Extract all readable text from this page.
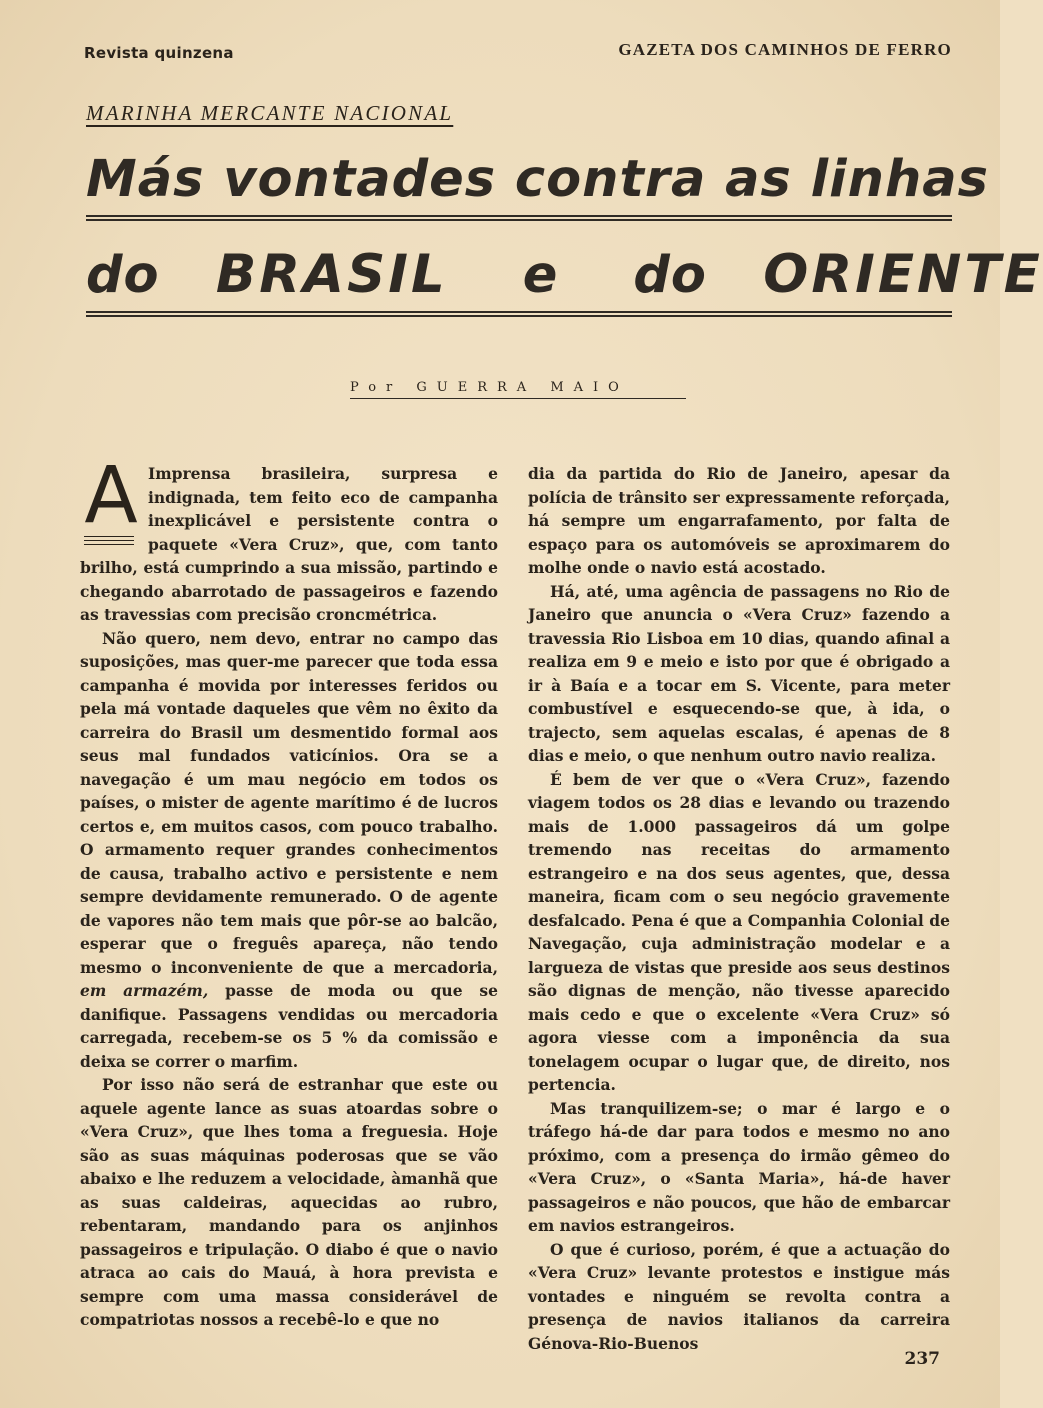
Revista quinzena	GAZETA DOS CAMINHOS DE FERRO
MARINHA MERCANTE NACIONAL
Más vontades contra as linhas
do BRASIL e do ORIENTE
Por GUERRA MAIO

A Imprensa brasileira, surpresa e indignada, tem feito eco de campanha inexplicável e persistente contra o paquete «Vera Cruz», que, com tanto brilho, está cumprindo a sua missão, partindo e chegando abarrotado de passageiros e fazendo as travessias com precisão croncmétrica.

Não quero, nem devo, entrar no campo das suposições, mas quer-me parecer que toda essa campanha é movida por interesses feridos ou pela má vontade daqueles que vêm no êxito da carreira do Brasil um desmentido formal aos seus mal fundados vaticínios. Ora se a navegação é um mau negócio em todos os países, o mister de agente marítimo é de lucros certos e, em muitos casos, com pouco trabalho. O armamento requer grandes conhecimentos de causa, trabalho activo e persistente e nem sempre devidamente remunerado. O de agente de vapores não tem mais que pôr-se ao balcão, esperar que o freguês apareça, não tendo mesmo o inconveniente de que a mercadoria, em armazém, passe de moda ou que se danifique. Passagens vendidas ou mercadoria carregada, recebem-se os 5 % da comissão e deixa se correr o marfim.

Por isso não será de estranhar que este ou aquele agente lance as suas atoardas sobre o «Vera Cruz», que lhes toma a freguesia. Hoje são as suas máquinas poderosas que se vão abaixo e lhe reduzem a velocidade, àmanhã que as suas caldeiras, aquecidas ao rubro, rebentaram, mandando para os anjinhos passageiros e tripulação. O diabo é que o navio atraca ao cais do Mauá, à hora prevista e sempre com uma massa considerável de compatriotas nossos a recebê-lo e que no

dia da partida do Rio de Janeiro, apesar da polícia de trânsito ser expressamente reforçada, há sempre um engarrafamento, por falta de espaço para os automóveis se aproximarem do molhe onde o navio está acostado.

Há, até, uma agência de passagens no Rio de Janeiro que anuncia o «Vera Cruz» fazendo a travessia Rio Lisboa em 10 dias, quando afinal a realiza em 9 e meio e isto por que é obrigado a ir à Baía e a tocar em S. Vicente, para meter combustível e esquecendo-se que, à ida, o trajecto, sem aquelas escalas, é apenas de 8 dias e meio, o que nenhum outro navio realiza.

É bem de ver que o «Vera Cruz», fazendo viagem todos os 28 dias e levando ou trazendo mais de 1.000 passageiros dá um golpe tremendo nas receitas do armamento estrangeiro e na dos seus agentes, que, dessa maneira, ficam com o seu negócio gravemente desfalcado. Pena é que a Companhia Colonial de Navegação, cuja administração modelar e a largueza de vistas que preside aos seus destinos são dignas de menção, não tivesse aparecido mais cedo e que o excelente «Vera Cruz» só agora viesse com a imponência da sua tonelagem ocupar o lugar que, de direito, nos pertencia.

Mas tranquilizem-se; o mar é largo e o tráfego há-de dar para todos e mesmo no ano próximo, com a presença do irmão gêmeo do «Vera Cruz», o «Santa Maria», há-de haver passageiros e não poucos, que hão de embarcar em navios estrangeiros.

O que é curioso, porém, é que a actuação do «Vera Cruz» levante protestos e instigue más vontades e ninguém se revolta contra a presença de navios italianos da carreira Génova-Rio-Buenos

237
